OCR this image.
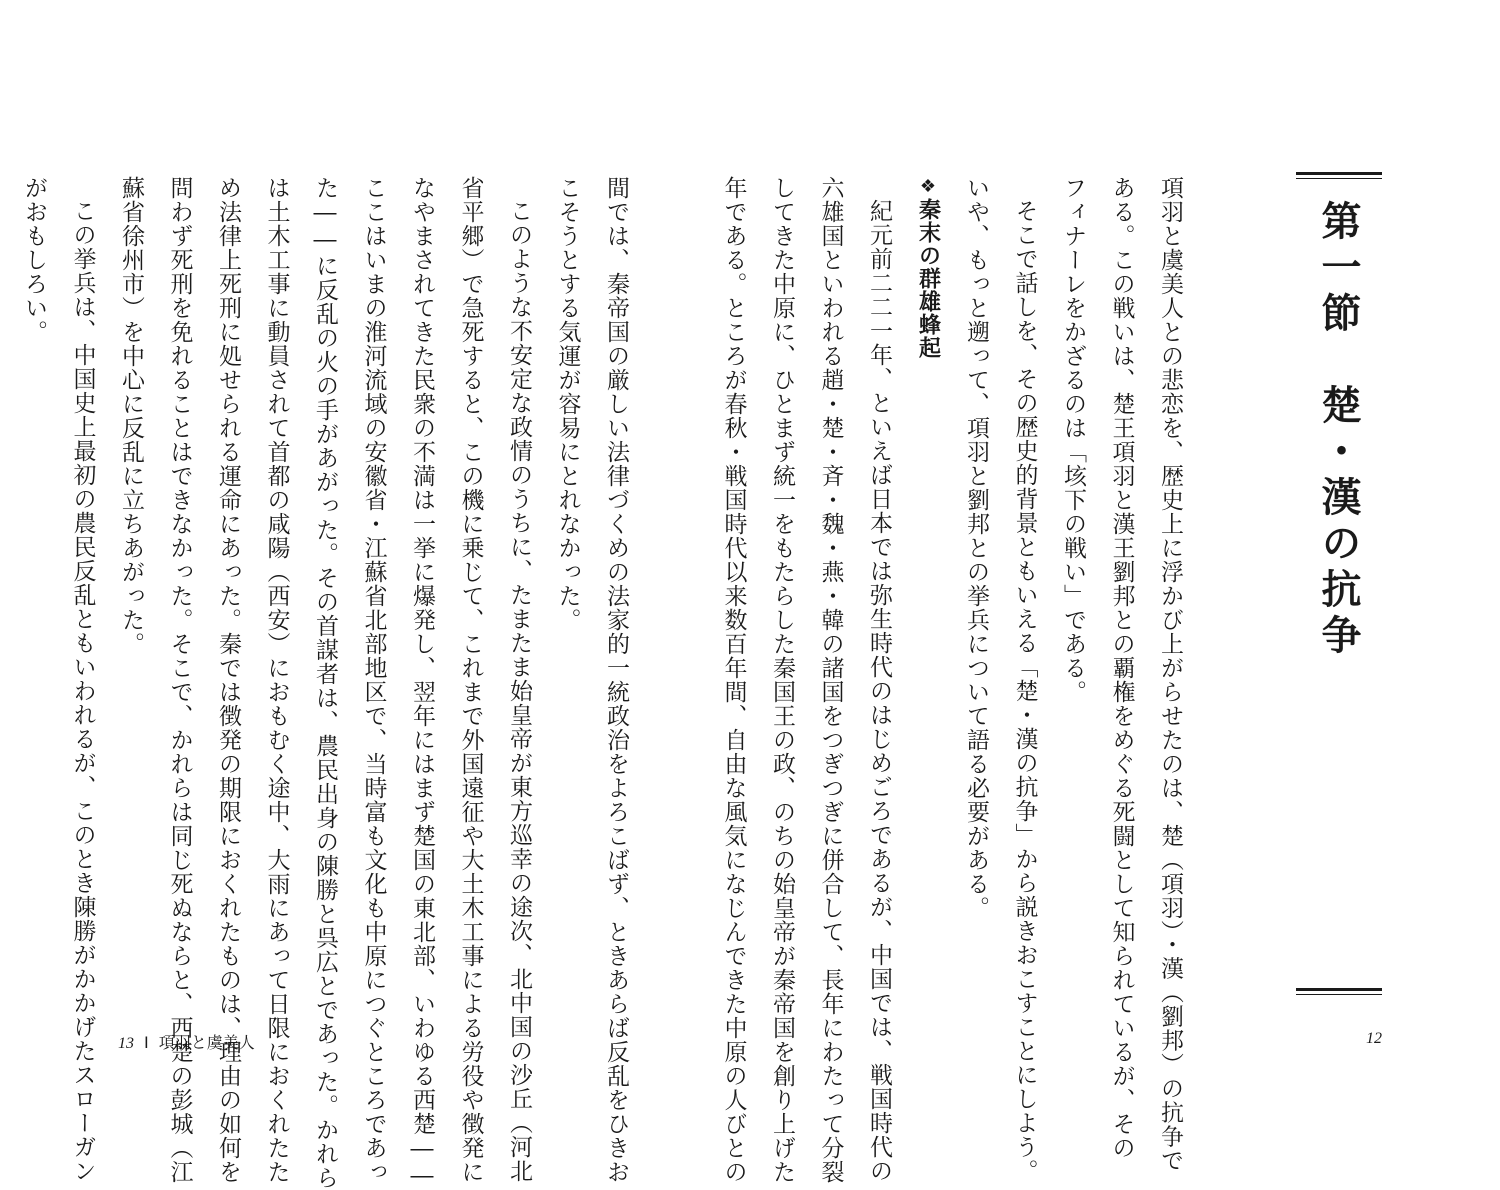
第一節　楚・漢の抗争

項羽と虞美人との悲恋を、歴史上に浮かび上がらせたのは、楚（項羽）・漢（劉邦）の抗争で

ある。この戦いは、楚王項羽と漢王劉邦との覇権をめぐる死闘として知られているが、その

フィナーレをかざるのは「垓下の戦い」である。

そこで話しを、その歴史的背景ともいえる「楚・漢の抗争」から説きおこすことにしよう。

いや、もっと遡って、項羽と劉邦との挙兵について語る必要がある。

❖秦末の群雄蜂起

紀元前二二一年、といえば日本では弥生時代のはじめごろであるが、中国では、戦国時代の

六雄国といわれる趙・楚・斉・魏・燕・韓の諸国をつぎつぎに併合して、長年にわたって分裂

してきた中原に、ひとまず統一をもたらした秦国王の政、のちの始皇帝が秦帝国を創り上げた

年である。ところが春秋・戦国時代以来数百年間、自由な風気になじんできた中原の人びとの

間では、秦帝国の厳しい法律づくめの法家的一統政治をよろこばず、ときあらば反乱をひきお

こそうとする気運が容易にとれなかった。

このような不安定な政情のうちに、たまたま始皇帝が東方巡幸の途次、北中国の沙丘（河北

省平郷）で急死すると、この機に乗じて、これまで外国遠征や大土木工事による労役や徴発に

なやまされてきた民衆の不満は一挙に爆発し、翌年にはまず楚国の東北部、いわゆる西楚――

ここはいまの淮河流域の安徽省・江蘇省北部地区で、当時富も文化も中原につぐところであっ

た――に反乱の火の手があがった。その首謀者は、農民出身の陳勝と呉広とであった。かれら

は土木工事に動員されて首都の咸陽（西安）におもむく途中、大雨にあって日限におくれたた

め法律上死刑に処せられる運命にあった。秦では徴発の期限におくれたものは、理由の如何を

問わず死刑を免れることはできなかった。そこで、かれらは同じ死ぬならと、西楚の彭城（江

蘇省徐州市）を中心に反乱に立ちあがった。

この挙兵は、中国史上最初の農民反乱ともいわれるが、このとき陳勝がかかげたスローガン

がおもしろい。

13 Ⅰ 項羽と虞美人	12
